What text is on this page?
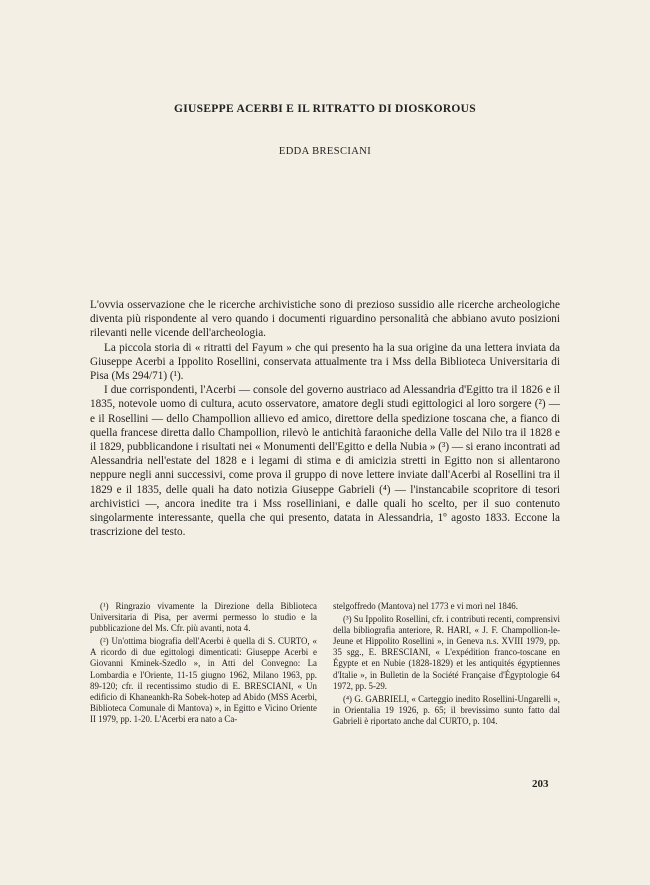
GIUSEPPE ACERBI E IL RITRATTO DI DIOSKOROUS
EDDA BRESCIANI

L'ovvia osservazione che le ricerche archivistiche sono di prezioso sussidio alle ricerche archeologiche diventa più rispondente al vero quando i documenti riguardino personalità che abbiano avuto posizioni rilevanti nelle vicende dell'archeologia.

La piccola storia di « ritratti del Fayum » che qui presento ha la sua origine da una lettera inviata da Giuseppe Acerbi a Ippolito Rosellini, conservata attualmente tra i Mss della Biblioteca Universitaria di Pisa (Ms 294/71) (¹).

I due corrispondenti, l'Acerbi — console del governo austriaco ad Alessandria d'Egitto tra il 1826 e il 1835, notevole uomo di cultura, acuto osservatore, amatore degli studi egittologici al loro sorgere (²) — e il Rosellini — dello Champollion allievo ed amico, direttore della spedizione toscana che, a fianco di quella francese diretta dallo Champollion, rilevò le antichità faraoniche della Valle del Nilo tra il 1828 e il 1829, pubblicandone i risultati nei « Monumenti dell'Egitto e della Nubia » (³) — si erano incontrati ad Alessandria nell'estate del 1828 e i legami di stima e di amicizia stretti in Egitto non si allentarono neppure negli anni successivi, come prova il gruppo di nove lettere inviate dall'Acerbi al Rosellini tra il 1829 e il 1835, delle quali ha dato notizia Giuseppe Gabrieli (⁴) — l'instancabile scopritore di tesori archivistici —, ancora inedite tra i Mss roselliniani, e dalle quali ho scelto, per il suo contenuto singolarmente interessante, quella che qui presento, datata in Alessandria, 1º agosto 1833. Eccone la trascrizione del testo.

(¹) Ringrazio vivamente la Direzione della Biblioteca Universitaria di Pisa, per avermi permesso lo studio e la pubblicazione del Ms. Cfr. più avanti, nota 4.

(²) Un'ottima biografia dell'Acerbi è quella di S. CURTO, « A ricordo di due egittologi dimenticati: Giuseppe Acerbi e Giovanni Kminek-Szedlo », in Atti del Convegno: La Lombardia e l'Oriente, 11-15 giugno 1962, Milano 1963, pp. 89-120; cfr. il recentissimo studio di E. BRESCIANI, « Un edificio di Khaneankh-Ra Sobek-hotep ad Abido (MSS Acerbi, Biblioteca Comunale di Mantova) », in Egitto e Vicino Oriente II 1979, pp. 1-20. L'Acerbi era nato a Ca-

stelgoffredo (Mantova) nel 1773 e vi morì nel 1846.

(³) Su Ippolito Rosellini, cfr. i contributi recenti, comprensivi della bibliografia anteriore, R. HARI, « J. F. Champollion-le-Jeune et Hippolito Rosellini », in Geneva n.s. XVIII 1979, pp. 35 sgg., E. BRESCIANI, « L'expédition franco-toscane en Égypte et en Nubie (1828-1829) et les antiquités égyptiennes d'Italie », in Bulletin de la Société Française d'Égyptologie 64 1972, pp. 5-29.

(⁴) G. GABRIELI, « Carteggio inedito Rosellini-Ungarelli », in Orientalia 19 1926, p. 65; il brevissimo sunto fatto dal Gabrieli è riportato anche dal CURTO, p. 104.

203
